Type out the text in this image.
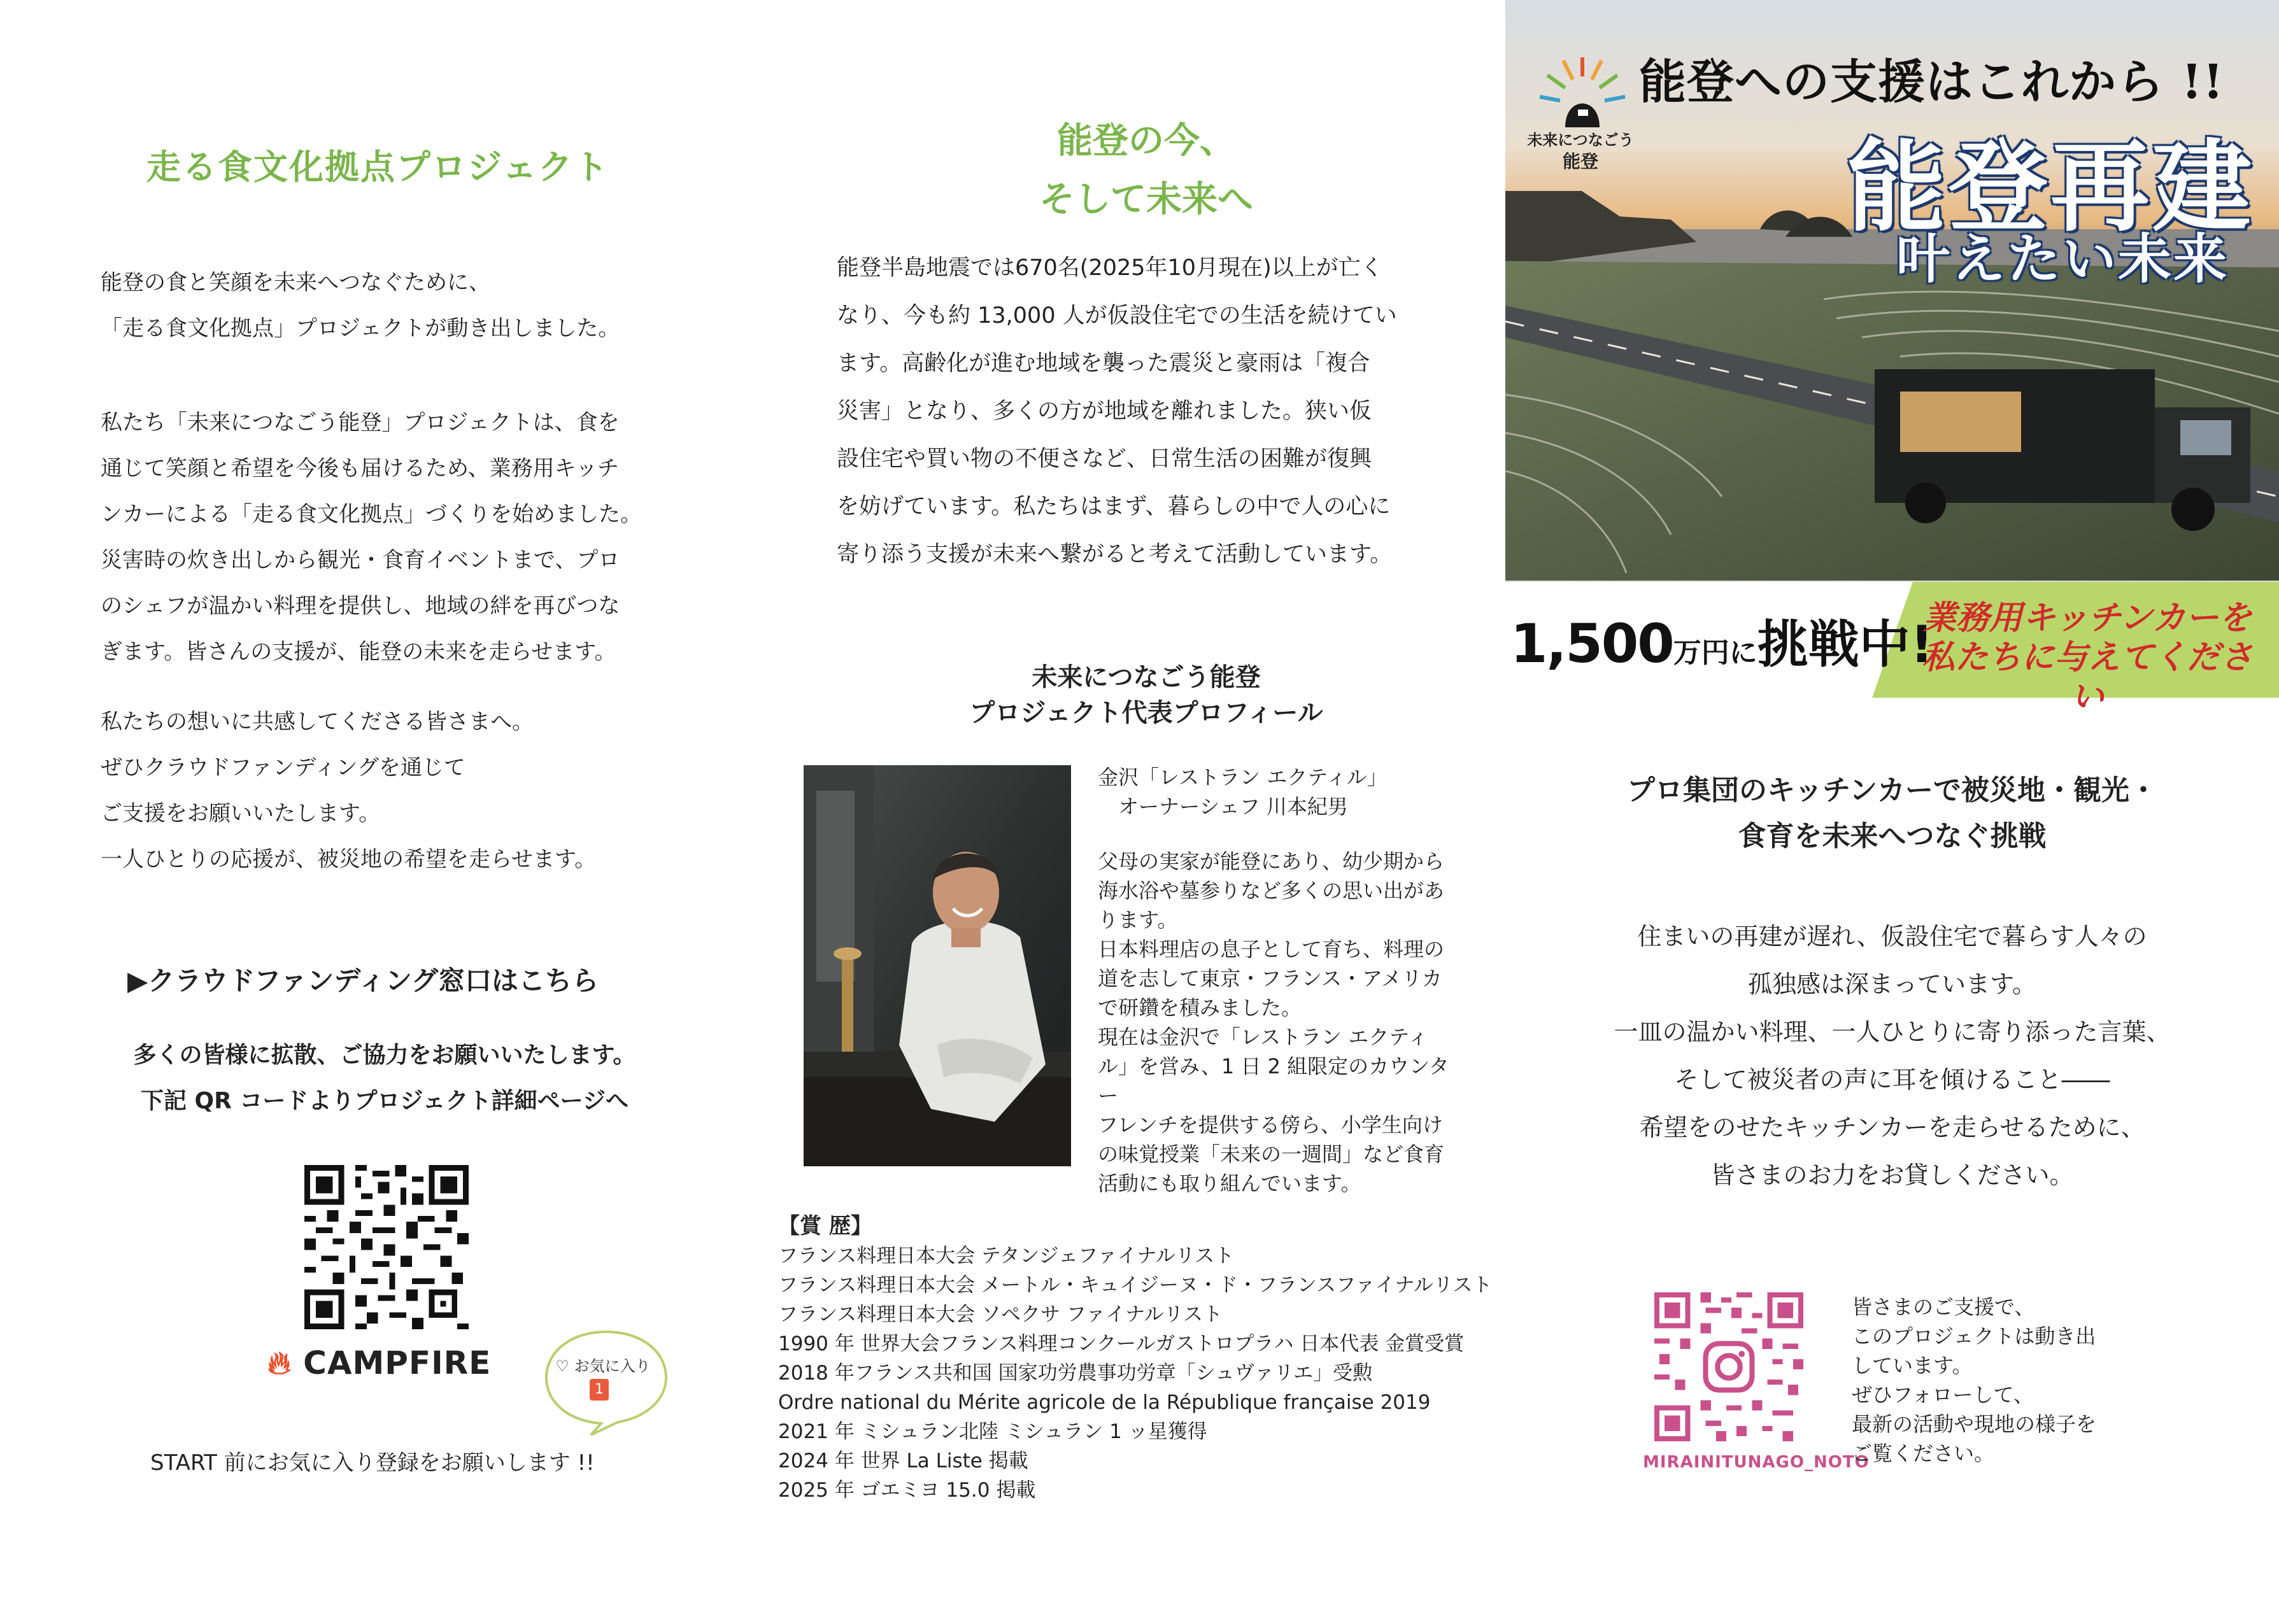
走る食文化拠点プロジェクト

能登の食と笑顔を未来へつなぐために、

「走る食文化拠点」プロジェクトが動き出しました。

私たち「未来につなごう能登」プロジェクトは、食を

通じて笑顔と希望を今後も届けるため、業務用キッチ

ンカーによる「走る食文化拠点」づくりを始めました。

災害時の炊き出しから観光・食育イベントまで、プロ

のシェフが温かい料理を提供し、地域の絆を再びつな

ぎます。皆さんの支援が、能登の未来を走らせます。

私たちの想いに共感してくださる皆さまへ。

ぜひクラウドファンディングを通じて

ご支援をお願いいたします。

一人ひとりの応援が、被災地の希望を走らせます。

▶クラウドファンディング窓口はこちら

多くの皆様に拡散、ご協力をお願いいたします。

下記 QR コードよりプロジェクト詳細ページへ

🔥︎ CAMPFIRE	♡ お気に入り
1
START 前にお気に入り登録をお願いします !!

能登の今、

そして未来へ

能登半島地震では670名(2025年10月現在)以上が亡く

なり、今も約 13,000 人が仮設住宅での生活を続けてい

ます。高齢化が進む地域を襲った震災と豪雨は「複合

災害」となり、多くの方が地域を離れました。狭い仮

設住宅や買い物の不便さなど、日常生活の困難が復興

を妨げています。私たちはまず、暮らしの中で人の心に

寄り添う支援が未来へ繋がると考えて活動しています。

未来につなごう能登

プロジェクト代表プロフィール

金沢「レストラン エクティル」

　オーナーシェフ 川本紀男

父母の実家が能登にあり、幼少期から

海水浴や墓参りなど多くの思い出があ

ります。

日本料理店の息子として育ち、料理の

道を志して東京・フランス・アメリカ

で研鑽を積みました。

現在は金沢で「レストラン エクティ

ル」を営み、1 日 2 組限定のカウンター

フレンチを提供する傍ら、小学生向け

の味覚授業「未来の一週間」など食育

活動にも取り組んでいます。

【賞 歴】
フランス料理日本大会 テタンジェファイナルリスト
フランス料理日本大会 メートル・キュイジーヌ・ド・フランスファイナルリスト
フランス料理日本大会 ソペクサ ファイナルリスト
1990 年 世界大会フランス料理コンクールガストロプラハ 日本代表 金賞受賞
2018 年フランス共和国 国家功労農事功労章「シュヴァリエ」受勲
Ordre national du Mérite agricole de la République française 2019
2021 年 ミシュラン北陸 ミシュラン 1 ッ星獲得
2024 年 世界 La Liste 掲載
2025 年 ゴエミヨ 15.0 掲載
未来につなごう
能登
能登への支援はこれから !!
能登再建
叶えたい未来
1,500万円に挑戦中!

業務用キッチンカーを

私たちに与えてください

プロ集団のキッチンカーで被災地・観光・

食育を未来へつなぐ挑戦

住まいの再建が遅れ、仮設住宅で暮らす人々の

孤独感は深まっています。

一皿の温かい料理、一人ひとりに寄り添った言葉、

そして被災者の声に耳を傾けること――

希望をのせたキッチンカーを走らせるために、

皆さまのお力をお貸しください。

MIRAINITUNAGO_NOTO

皆さまのご支援で、

このプロジェクトは動き出

しています。

ぜひフォローして、

最新の活動や現地の様子を

ご覧ください。
